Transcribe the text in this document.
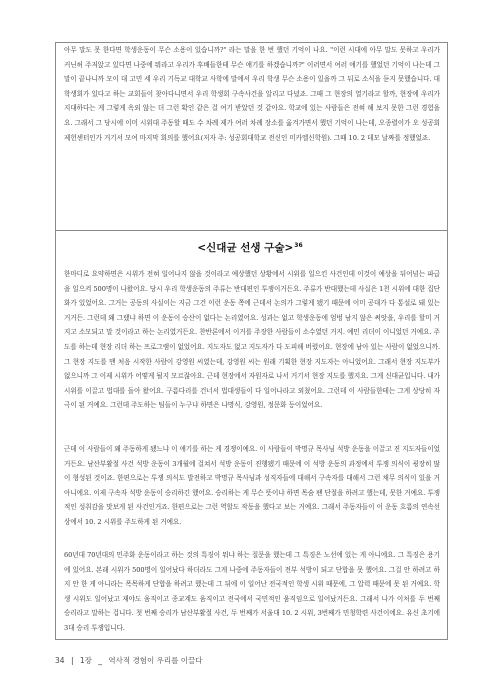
아무 말도 못 한다면 학생운동이 무슨 소용이 있습니까?" 라는 말을 한 번 했던 기억이 나요. "이런 시대에 아무 말도 못하고 우리가 커닌허 주저앉고 있다면 나중에 뭐라고 우리가 후배들한테 무슨 얘기를 하겠습니까?" 이러면서 여러 얘기를 했었던 기억이 나는데 그 말이 끝나니까 모이 대 고민 세 우리 기독교 대학교 사학에 말에서 우리 학생 무슨 소용이 있을까 그 뒤로 소식을 듣지 못했습니다. 대학생회가 있다고 하는 교회들이 찾아다니면서 우리 학생회 구속사건을 알리고 다녔죠. 그때 그 현장의 열기라고 할까, 현장에 우리가 지대하다는 게 그렇게 옥외 않는 더 그런 확인 같은 걸 여기 받았던 것 같아요. 학교에 있는 사람들은 전혀 해 보지 못한 그런 경험을요. 그래서 그 당시에 이미 시위대 주동할 때도 수 차례 제가 여러 차례 장소를 옮겨가면서 했던 기억이 나는데, 오종렬이가 오 성공회제헌센터인가 거기서 모여 마지막 회의를 했어요(저자 주: 성공회대학교 전신인 미카엘신학원). 그때 10. 2 데모 날짜를 정했었죠.

<신대균 선생 구술>$^{36}$

한마디로 요약하면은 시위가 전혀 일어나지 않을 것이라고 예상했던 상황에서 시위를 일으킨 사건인데 이것이 예상을 뒤어넘는 파급을 일으켜 500명이 나왔어요. 당시 우리 학생운동의 주류는 반대편인 투쟁이거든요. 주류가 반대했는데 사실은 1천 시위에 대한 집단화가 있었어요. 그거는 공동의 사실이는 지금 그건 이런 운동 쪽에 근데서 논의가 그렇게 됐기 때문에 이미 공대가 다 통설로 돼 있는 거거든. 그런데 왜 그랬냐 하면 이 운동이 승산이 없다는 논리였어요. 성과는 없고 학생운동에 엄벙 남지 않은 써앗을, 우리를 할미 거지고 소모되고 말 것이라고 하는 논리였거든요. 찬반론에서 이거를 주장한 사람들이 소수였던 거지. 예민 리더이 이니었던 거예요. 주도를 하는데 현장 리더 하는 프로그램이 없었어요. 지도자도 없고 지도자가 다 도피해 버렸어요. 현장에 남아 있는 사람이 없었으니까. 그 현장 지도를 맨 처음 시작한 사람이 강영원 씨였는데, 강영원 씨는 원래 기획한 현장 지도자는 아니었어요. 그래서 현장 지도부가 없으니까 그 이제 시위가 어떻게 될지 모르잖아요. 근데 현장에서 자원자로 나서 거기서 현장 지도를 했지요. 그게 신대균입니다. 내가 시위를 이끌고 법대를 돌아 왔어요. 구름다리를 건너서 법대생들이 다 일어나라고 외쳤어요. 그런데 이 사람들한테는 그게 상당히 자극이 된 거예요. 그런데 주도하는 팀들이 누구냐 하면은 나명식, 강영원, 정문화 등이었어요.

근데 이 사람들이 왜 주동하게 됐느냐 이 얘기를 하는 게 경쟁이예요. 이 사람들이 박명규 목사님 석방 운동을 이끌고 진 지도자들이었거든요. 남산부활절 사건 석방 운동이 3개월에 걸쳐서 석방 운동이 진행됐기 때문에 이 석방 운동의 과정에서 투쟁 의식이 굉장히 많이 형성된 것이죠. 한편으로는 투쟁 의식도 발전하고 박명규 목사님과 성직자들에 대해서 구속자를 대해서 그런 채무 의식이 있을 거 아니에요. 이제 구속자 석방 운동이 승리하긴 했어요. 승리하는 게 무슨 뜻이냐 하면 목숨 팬 단절을 하려고 했는데, 못한 거예요. 투쟁적인 성취감을 맛보게 된 사건인거죠. 한편으로는 그런 역할도 작동을 했다고 보는 거예요. 그래서 주동자들이 이 운동 흐름의 연속선상에서 10. 2 시위를 주도하게 된 거예요.

60년대 70년대의 민주화 운동이라고 하는 것의 특징이 뭐냐 하는 질문을 했는데 그 특징은 노선에 있는 게 아니에요. 그 특징은 용기에 있어요. 본래 시위가 500명이 일어났다 하더라도 그게 나중에 주동자들이 전부 석방이 되고 단합을 못 했어요. 그걸 안 하려고 하지 안 한 게 아니라는 폭목하게 단합을 하려고 했는데 그 뒤에 이 일어난 전국적인 학생 시위 때문에, 그 압력 때문에 못 된 거예요. 학생 시위도 일어났고 재야도 움직이고 종교계도 움직이고 전국에서 국민적인 움직임으로 일어났거든요. 그래서 나가 이처를 두 번째 승리라고 말하는 겁니다. 첫 번째 승리가 남산부활절 사건, 두 번째가 서울대 10. 2 시위, 3번째가 민청학련 사건이에요. 유신 초기에 3대 승리 투쟁입니다.

34 | 1장 _ 역사적 경험이 우리를 이끌다
